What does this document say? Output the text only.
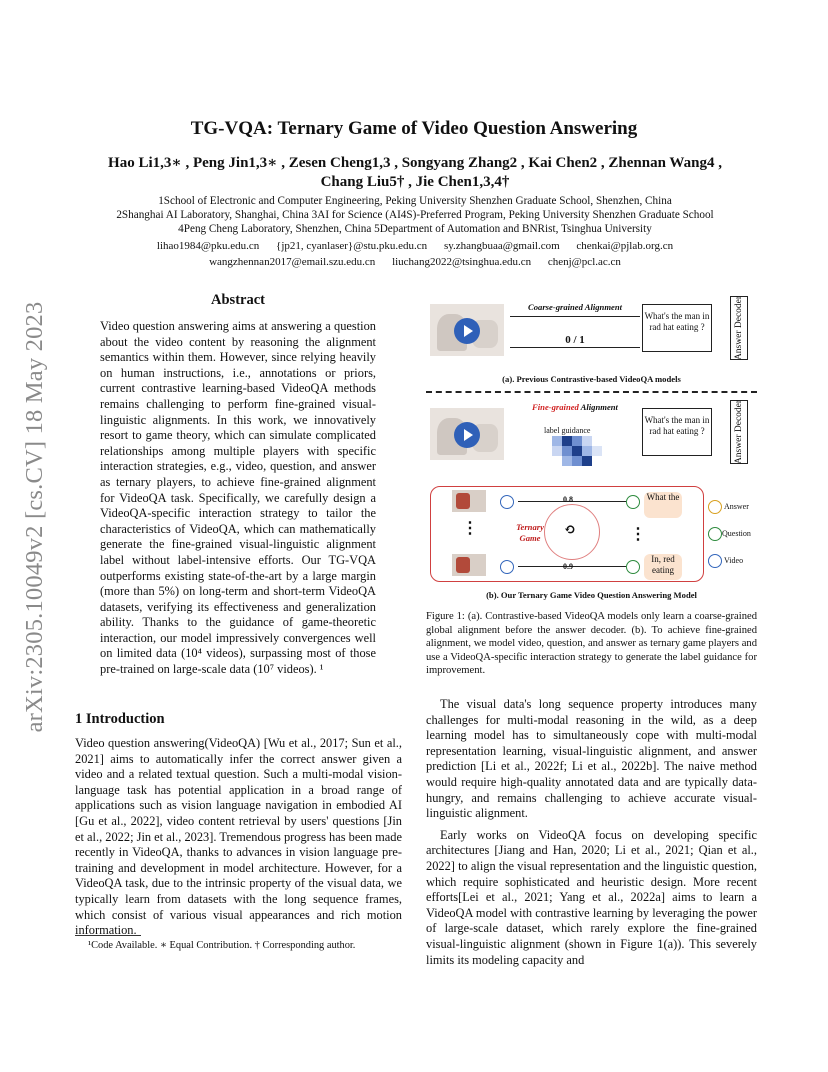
arXiv:2305.10049v2 [cs.CV] 18 May 2023
TG-VQA: Ternary Game of Video Question Answering
Hao Li1,3∗ , Peng Jin1,3∗ , Zesen Cheng1,3 , Songyang Zhang2 , Kai Chen2 , Zhennan Wang4 ,
Chang Liu5† , Jie Chen1,3,4†
1School of Electronic and Computer Engineering, Peking University Shenzhen Graduate School, Shenzhen, China
2Shanghai AI Laboratory, Shanghai, China 3AI for Science (AI4S)-Preferred Program, Peking University Shenzhen Graduate School
4Peng Cheng Laboratory, Shenzhen, China 5Department of Automation and BNRist, Tsinghua University
lihao1984@pku.edu.cn {jp21, cyanlaser}@stu.pku.edu.cn sy.zhangbuaa@gmail.com chenkai@pjlab.org.cn
wangzhennan2017@email.szu.edu.cn liuchang2022@tsinghua.edu.cn chenj@pcl.ac.cn
Abstract
Video question answering aims at answering a question about the video content by reasoning the alignment semantics within them. However, since relying heavily on human instructions, i.e., annotations or priors, current contrastive learning-based VideoQA methods remains challenging to perform fine-grained visual-linguistic alignments. In this work, we innovatively resort to game theory, which can simulate complicated relationships among multiple players with specific interaction strategies, e.g., video, question, and answer as ternary players, to achieve fine-grained alignment for VideoQA task. Specifically, we carefully design a VideoQA-specific interaction strategy to tailor the characteristics of VideoQA, which can mathematically generate the fine-grained visual-linguistic alignment label without label-intensive efforts. Our TG-VQA outperforms existing state-of-the-art by a large margin (more than 5%) on long-term and short-term VideoQA datasets, verifying its effectiveness and generalization ability. Thanks to the guidance of game-theoretic interaction, our model impressively convergences well on limited data (10⁴ videos), surpassing most of those pre-trained on large-scale data (10⁷ videos). ¹
1 Introduction
Video question answering(VideoQA) [Wu et al., 2017; Sun et al., 2021] aims to automatically infer the correct answer given a video and a related textual question. Such a multi-modal vision-language task has potential application in a broad range of applications such as vision language navigation in embodied AI [Gu et al., 2022], video content retrieval by users' questions [Jin et al., 2022; Jin et al., 2023]. Tremendous progress has been made recently in VideoQA, thanks to advances in vision language pre-training and development in model architecture. However, for a VideoQA task, due to the intrinsic property of the visual data, we typically learn from datasets with the long sequence frames, which consist of various visual appearances and rich motion information.
¹Code Available. ∗ Equal Contribution. † Corresponding author.
Coarse-grained Alignment
0 / 1
What's the man in rad hat eating ?	Answer Decoder
(a). Previous Contrastive-based VideoQA models
Fine-grained Alignment
label guidance
What's the man in rad hat eating ?	Answer Decoder
⋮
0.8
0.9
⟲
Ternary Game	⋮
What the
In, red eating
Answer
Question
Video
(b). Our Ternary Game Video Question Answering Model
Figure 1: (a). Contrastive-based VideoQA models only learn a coarse-grained global alignment before the answer decoder. (b). To achieve fine-grained alignment, we model video, question, and answer as ternary game players and use a VideoQA-specific interaction strategy to generate the label guidance for improvement.

The visual data's long sequence property introduces many challenges for multi-modal reasoning in the wild, as a deep learning model has to simultaneously cope with multi-modal representation learning, visual-linguistic alignment, and answer prediction [Li et al., 2022f; Li et al., 2022b]. The naive method would require high-quality annotated data and are typically data-hungry, and remains challenging to achieve accurate visual-linguistic alignment.

Early works on VideoQA focus on developing specific architectures [Jiang and Han, 2020; Li et al., 2021; Qian et al., 2022] to align the visual representation and the linguistic question, which require sophisticated and heuristic design. More recent efforts[Lei et al., 2021; Yang et al., 2022a] aims to learn a VideoQA model with contrastive learning by leveraging the power of large-scale dataset, which rarely explore the fine-grained visual-linguistic alignment (shown in Figure 1(a)). This severely limits its modeling capacity and
